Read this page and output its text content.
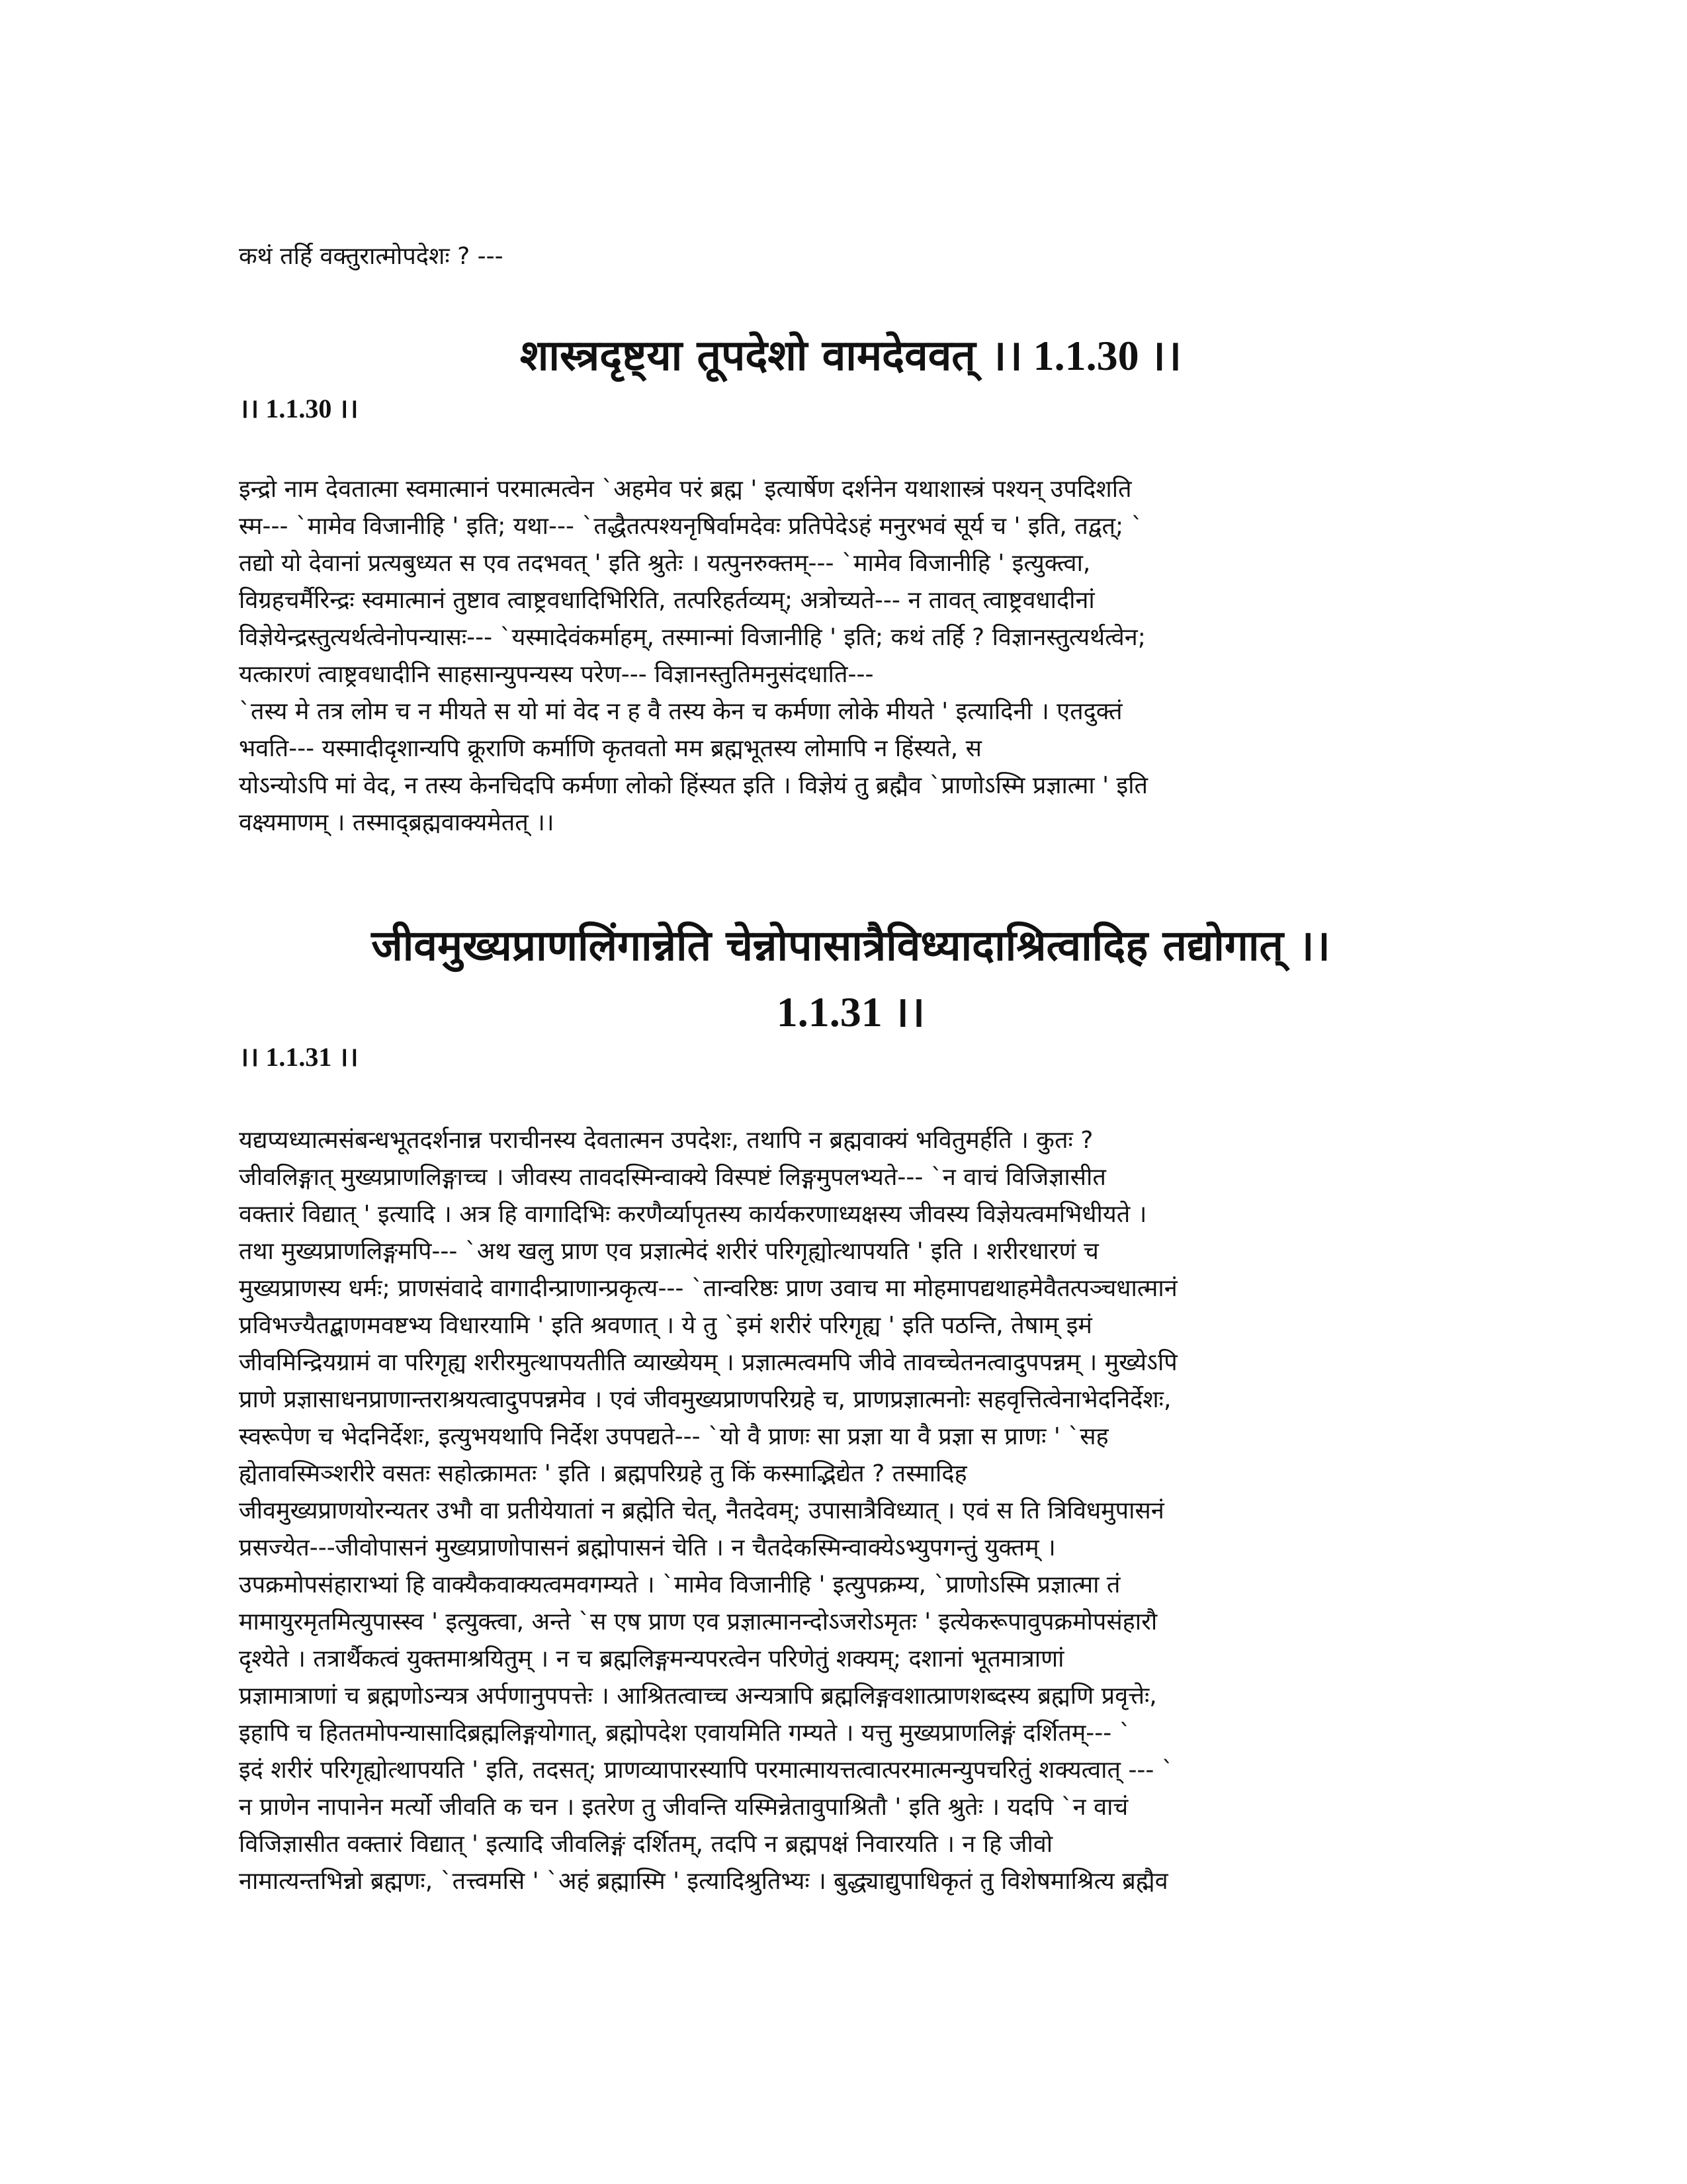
कथं तर्हि वक्तुरात्मोपदेशः ? ---
शास्त्रदृष्ट्या तूपदेशो वामदेववत् ।। 1.1.30 ।।
।। 1.1.30 ।।
इन्द्रो नाम देवतात्मा स्वमात्मानं परमात्मत्वेन `अहमेव परं ब्रह्म ' इत्यार्षेण दर्शनेन यथाशास्त्रं पश्यन् उपदिशति
स्म--- `मामेव विजानीहि ' इति; यथा--- `तद्धैतत्पश्यनृषिर्वामदेवः प्रतिपेदेऽहं मनुरभवं सूर्य च ' इति, तद्वत्; `
तद्यो यो देवानां प्रत्यबुध्यत स एव तदभवत् ' इति श्रुतेः । यत्पुनरुक्तम्--- `मामेव विजानीहि ' इत्युक्त्वा,
विग्रहचर्मैरिन्द्रः स्वमात्मानं तुष्टाव त्वाष्ट्रवधादिभिरिति, तत्परिहर्तव्यम्; अत्रोच्यते--- न तावत् त्वाष्ट्रवधादीनां
विज्ञेयेन्द्रस्तुत्यर्थत्वेनोपन्यासः--- `यस्मादेवंकर्माहम्, तस्मान्मां विजानीहि ' इति; कथं तर्हि ? विज्ञानस्तुत्यर्थत्वेन;
यत्कारणं त्वाष्ट्रवधादीनि साहसान्युपन्यस्य परेण--- विज्ञानस्तुतिमनुसंदधाति---
`तस्य मे तत्र लोम च न मीयते स यो मां वेद न ह वै तस्य केन च कर्मणा लोके मीयते ' इत्यादिनी । एतदुक्तं
भवति--- यस्मादीदृशान्यपि क्रूराणि कर्माणि कृतवतो मम ब्रह्मभूतस्य लोमापि न हिंस्यते, स
योऽन्योऽपि मां वेद, न तस्य केनचिदपि कर्मणा लोको हिंस्यत इति । विज्ञेयं तु ब्रह्मैव `प्राणोऽस्मि प्रज्ञात्मा ' इति
वक्ष्यमाणम् । तस्माद्ब्रह्मवाक्यमेतत् ।।
जीवमुख्यप्राणलिंगान्नेति चेन्नोपासात्रैविध्यादाश्रित्वादिह तद्योगात् ।।
1.1.31 ।।
।। 1.1.31 ।।
यद्यप्यध्यात्मसंबन्धभूतदर्शनान्न पराचीनस्य देवतात्मन उपदेशः, तथापि न ब्रह्मवाक्यं भवितुमर्हति । कुतः ?
जीवलिङ्गात् मुख्यप्राणलिङ्गाच्च । जीवस्य तावदस्मिन्वाक्ये विस्पष्टं लिङ्गमुपलभ्यते--- `न वाचं विजिज्ञासीत
वक्तारं विद्यात् ' इत्यादि । अत्र हि वागादिभिः करणैर्व्यापृतस्य कार्यकरणाध्यक्षस्य जीवस्य विज्ञेयत्वमभिधीयते ।
तथा मुख्यप्राणलिङ्गमपि--- `अथ खलु प्राण एव प्रज्ञात्मेदं शरीरं परिगृह्योत्थापयति ' इति । शरीरधारणं च
मुख्यप्राणस्य धर्मः; प्राणसंवादे वागादीन्प्राणान्प्रकृत्य--- `तान्वरिष्ठः प्राण उवाच मा मोहमापद्यथाहमेवैतत्पञ्चधात्मानं
प्रविभज्यैतद्बाणमवष्टभ्य विधारयामि ' इति श्रवणात् । ये तु `इमं शरीरं परिगृह्य ' इति पठन्ति, तेषाम् इमं
जीवमिन्द्रियग्रामं वा परिगृह्य शरीरमुत्थापयतीति व्याख्येयम् । प्रज्ञात्मत्वमपि जीवे तावच्चेतनत्वादुपपन्नम् । मुख्येऽपि
प्राणे प्रज्ञासाधनप्राणान्तराश्रयत्वादुपपन्नमेव । एवं जीवमुख्यप्राणपरिग्रहे च, प्राणप्रज्ञात्मनोः सहवृत्तित्वेनाभेदनिर्देशः,
स्वरूपेण च भेदनिर्देशः, इत्युभयथापि निर्देश उपपद्यते--- `यो वै प्राणः सा प्रज्ञा या वै प्रज्ञा स प्राणः ' `सह
ह्येतावस्मिञ्शरीरे वसतः सहोत्क्रामतः ' इति । ब्रह्मपरिग्रहे तु किं कस्माद्भिद्येत ? तस्मादिह
जीवमुख्यप्राणयोरन्यतर उभौ वा प्रतीयेयातां न ब्रह्मेति चेत्, नैतदेवम्; उपासात्रैविध्यात् । एवं स ति त्रिविधमुपासनं
प्रसज्येत---जीवोपासनं मुख्यप्राणोपासनं ब्रह्मोपासनं चेति । न चैतदेकस्मिन्वाक्येऽभ्युपगन्तुं युक्तम् ।
उपक्रमोपसंहाराभ्यां हि वाक्यैकवाक्यत्वमवगम्यते । `मामेव विजानीहि ' इत्युपक्रम्य, `प्राणोऽस्मि प्रज्ञात्मा तं
मामायुरमृतमित्युपास्स्व ' इत्युक्त्वा, अन्ते `स एष प्राण एव प्रज्ञात्मानन्दोऽजरोऽमृतः ' इत्येकरूपावुपक्रमोपसंहारौ
दृश्येते । तत्रार्थैकत्वं युक्तमाश्रयितुम् । न च ब्रह्मलिङ्गमन्यपरत्वेन परिणेतुं शक्यम्; दशानां भूतमात्राणां
प्रज्ञामात्राणां च ब्रह्मणोऽन्यत्र अर्पणानुपपत्तेः । आश्रितत्वाच्च अन्यत्रापि ब्रह्मलिङ्गवशात्प्राणशब्दस्य ब्रह्मणि प्रवृत्तेः,
इहापि च हिततमोपन्यासादिब्रह्मलिङ्गयोगात्, ब्रह्मोपदेश एवायमिति गम्यते । यत्तु मुख्यप्राणलिङ्गं दर्शितम्--- `
इदं शरीरं परिगृह्योत्थापयति ' इति, तदसत्; प्राणव्यापारस्यापि परमात्मायत्तत्वात्परमात्मन्युपचरितुं शक्यत्वात् --- `
न प्राणेन नापानेन मर्त्यो जीवति क चन । इतरेण तु जीवन्ति यस्मिन्नेतावुपाश्रितौ ' इति श्रुतेः । यदपि `न वाचं
विजिज्ञासीत वक्तारं विद्यात् ' इत्यादि जीवलिङ्गं दर्शितम्, तदपि न ब्रह्मपक्षं निवारयति । न हि जीवो
नामात्यन्तभिन्नो ब्रह्मणः, `तत्त्वमसि ' `अहं ब्रह्मास्मि ' इत्यादिश्रुतिभ्यः । बुद्ध्याद्युपाधिकृतं तु विशेषमाश्रित्य ब्रह्मैव
